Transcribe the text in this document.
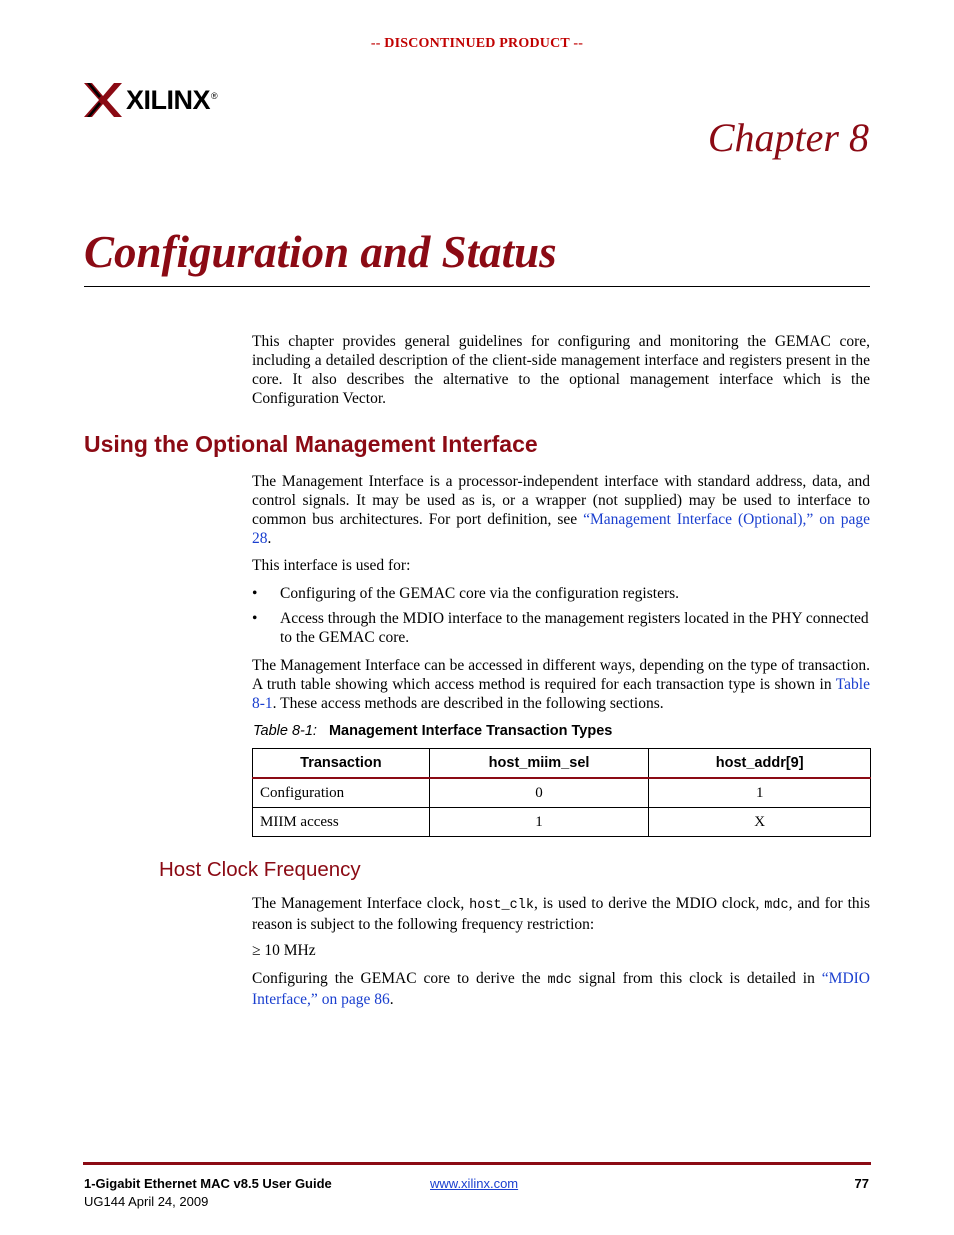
-- DISCONTINUED PRODUCT --
XILINX ®
Chapter 8
Configuration and Status
This chapter provides general guidelines for configuring and monitoring the GEMAC core, including a detailed description of the client-side management interface and registers present in the core. It also describes the alternative to the optional management interface which is the Configuration Vector.
Using the Optional Management Interface
The Management Interface is a processor-independent interface with standard address, data, and control signals. It may be used as is, or a wrapper (not supplied) may be used to interface to common bus architectures. For port definition, see “Management Interface (Optional),” on page 28.
This interface is used for:
• Configuring of the GEMAC core via the configuration registers.
• Access through the MDIO interface to the management registers located in the PHY connected to the GEMAC core.
The Management Interface can be accessed in different ways, depending on the type of transaction. A truth table showing which access method is required for each transaction type is shown in Table 8-1. These access methods are described in the following sections.
Table 8-1: Management Interface Transaction Types
Transaction	host_miim_sel	host_addr[9]
Configuration	0	1
MIIM access	1	X
Host Clock Frequency
The Management Interface clock, host_clk, is used to derive the MDIO clock, mdc, and for this reason is subject to the following frequency restriction:
≥ 10 MHz
Configuring the GEMAC core to derive the mdc signal from this clock is detailed in “MDIO Interface,” on page 86.
1-Gigabit Ethernet MAC v8.5 User Guide
UG144 April 24, 2009
www.xilinx.com	77
